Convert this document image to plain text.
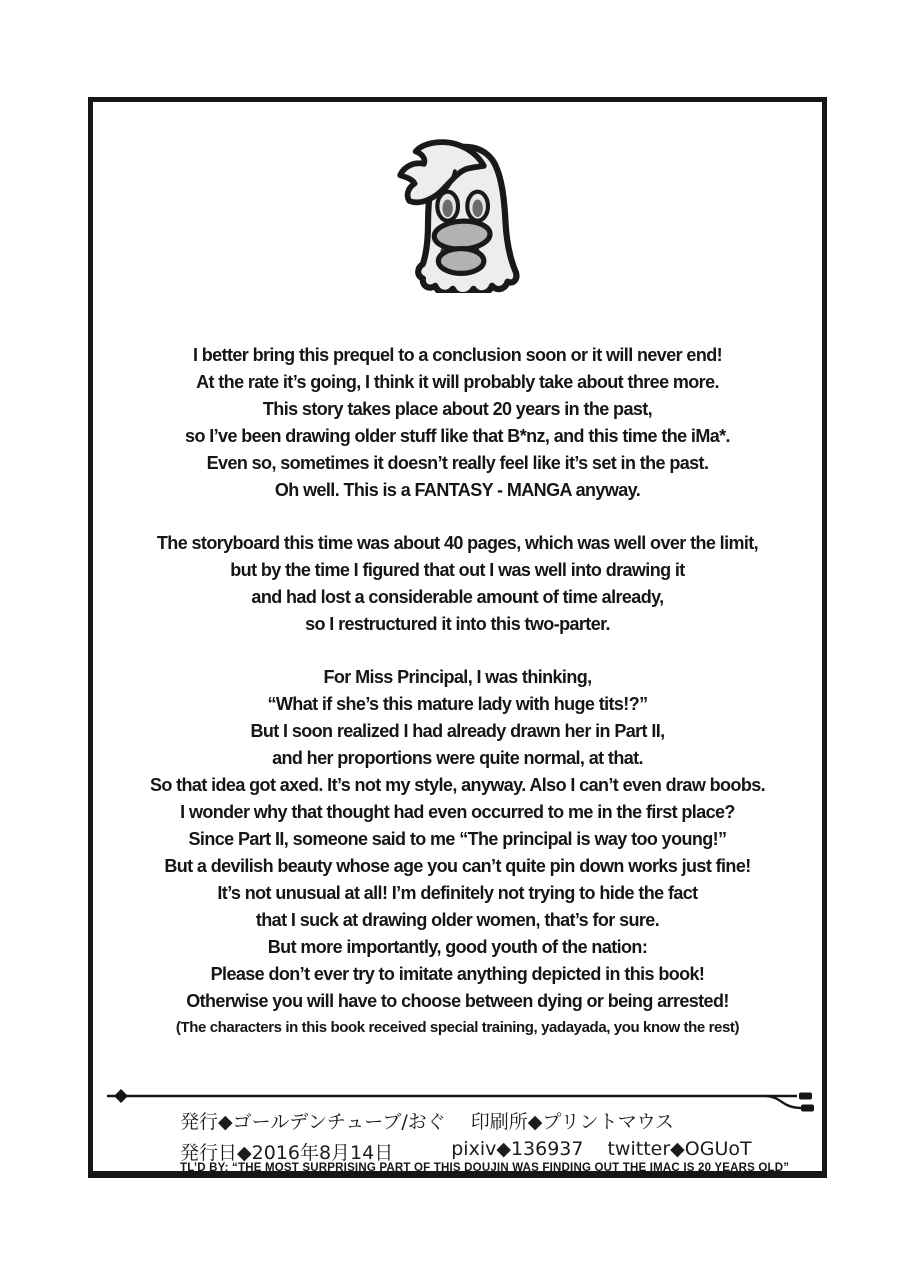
I better bring this prequel to a conclusion soon or it will never end!
At the rate it’s going, I think it will probably take about three more.
This story takes place about 20 years in the past,
so I’ve been drawing older stuff like that B*nz, and this time the iMa*.
Even so, sometimes it doesn’t really feel like it’s set in the past.
Oh well. This is a FANTASY - MANGA anyway.
The storyboard this time was about 40 pages, which was well over the limit,
but by the time I figured that out I was well into drawing it
and had lost a considerable amount of time already,
so I restructured it into this two-parter.
For Miss Principal, I was thinking,
“What if she’s this mature lady with huge tits!?”
But I soon realized I had already drawn her in Part II,
and her proportions were quite normal, at that.
So that idea got axed. It’s not my style, anyway. Also I can’t even draw boobs.
I wonder why that thought had even occurred to me in the first place?
Since Part II, someone said to me “The principal is way too young!”
But a devilish beauty whose age you can’t quite pin down works just fine!
It’s not unusual at all! I’m definitely not trying to hide the fact
that I suck at drawing older women, that’s for sure.
But more importantly, good youth of the nation:
Please don’t ever try to imitate anything depicted in this book!
Otherwise you will have to choose between dying or being arrested!
(The characters in this book received special training, yadayada, you know the rest)
発行◆ゴールデンチューブ/おぐ　 印刷所◆プリントマウス
発行日◆2016年8月14日	pixiv◆136937 twitter◆OGUoT
TL’D BY: “THE MOST SURPRISING PART OF THIS DOUJIN WAS FINDING OUT THE IMAC IS 20 YEARS OLD”
